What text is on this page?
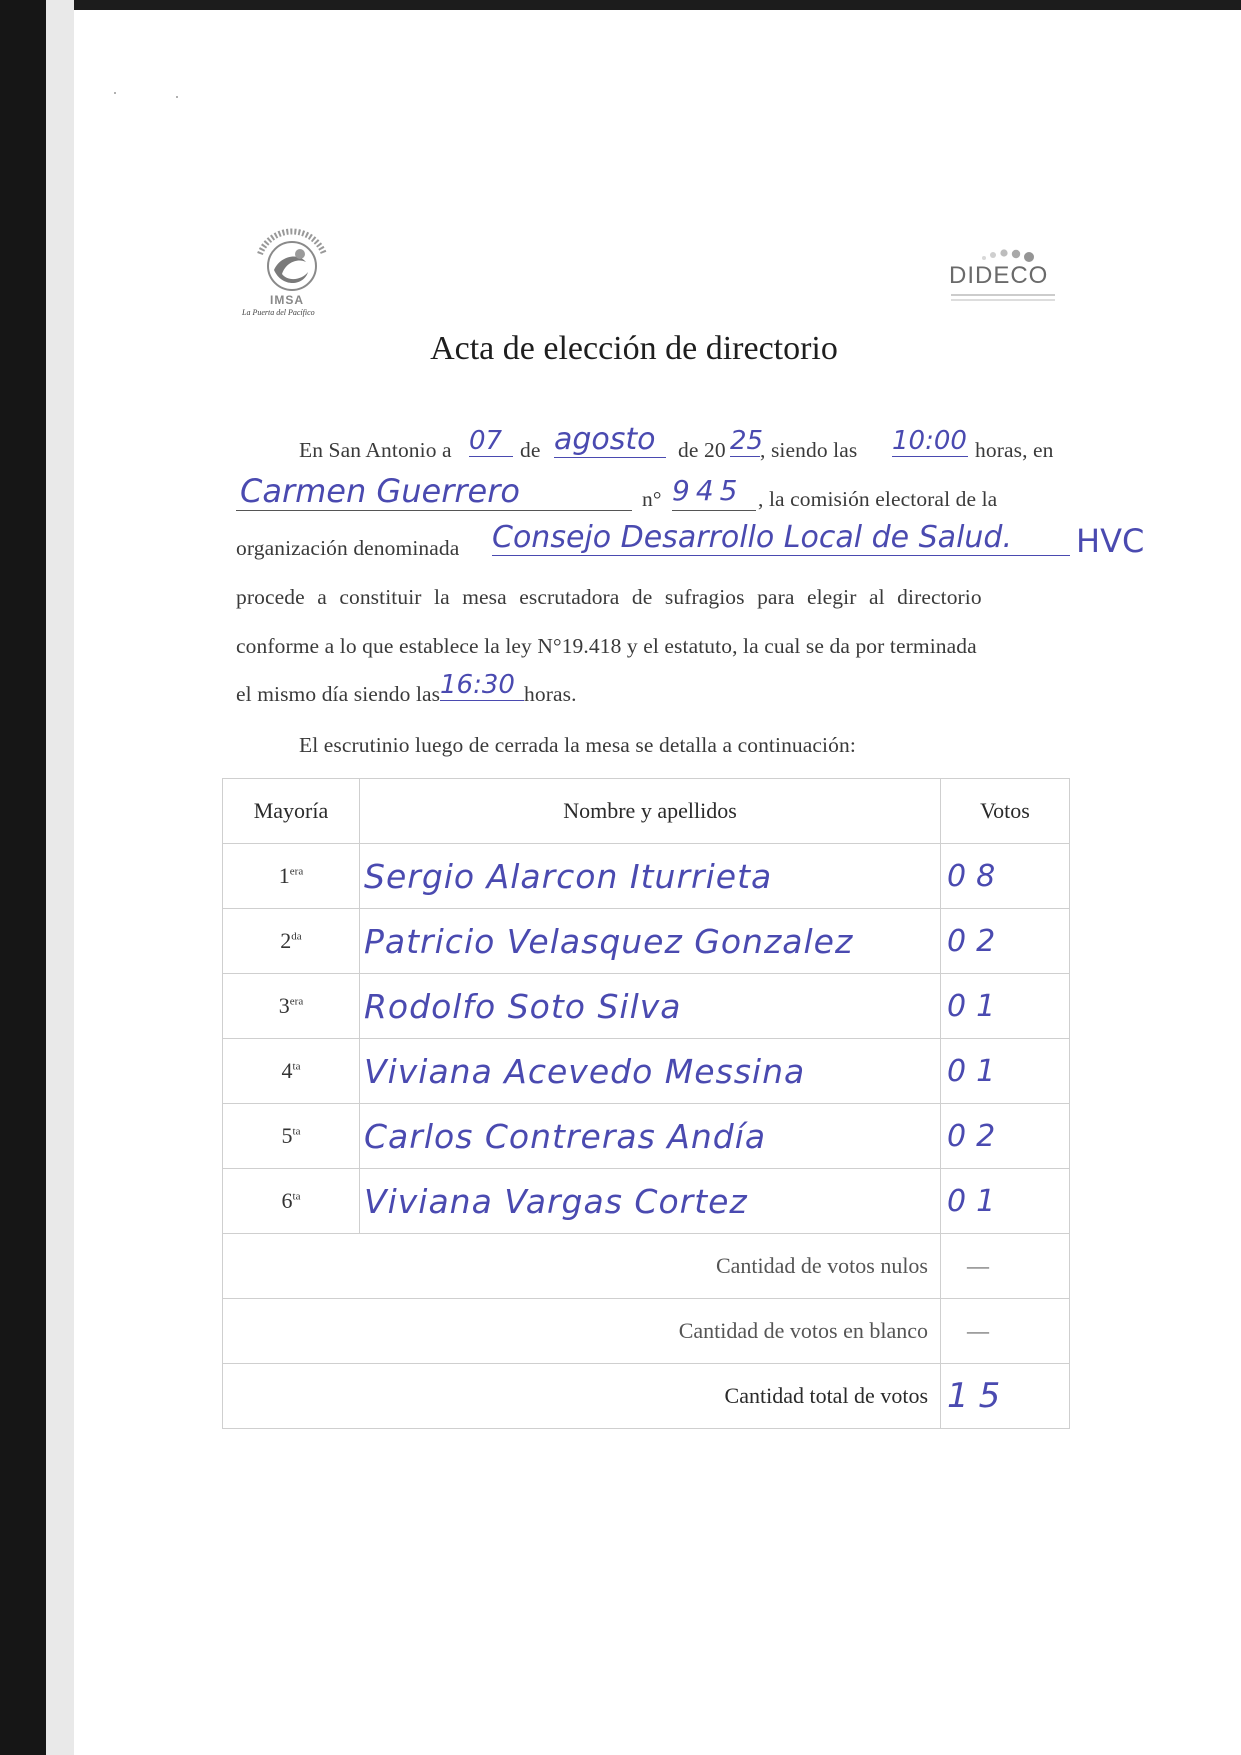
IMSA
La Puerta del Pacífico
DIDECO
Acta de elección de directorio
En San Antonio a 07 de agosto	de 20 25
, siendo las 10:00 horas, en
Carmen Guerrero	n° 945 , la comisión electoral de la
organización denominada Consejo Desarrollo Local de Salud.	HVC
procede a constituir la mesa escrutadora de sufragios para elegir al directorio
conforme a lo que establece la ley N°19.418 y el estatuto, la cual se da por terminada
el mismo día siendo las 16:30 horas.
El escrutinio luego de cerrada la mesa se detalla a continuación:
Mayoría	Nombre y apellidos	Votos
$1^{era}$	Sergio Alarcon Iturrieta	08
$2^{da}$	Patricio Velasquez Gonzalez	02
$3^{era}$	Rodolfo Soto Silva	01
$4^{ta}$	Viviana Acevedo Messina	01
$5^{ta}$	Carlos Contreras Andía	02
$6^{ta}$	Viviana Vargas Cortez	01
Cantidad de votos nulos		—
Cantidad de votos en blanco		—
Cantidad total de votos		15
